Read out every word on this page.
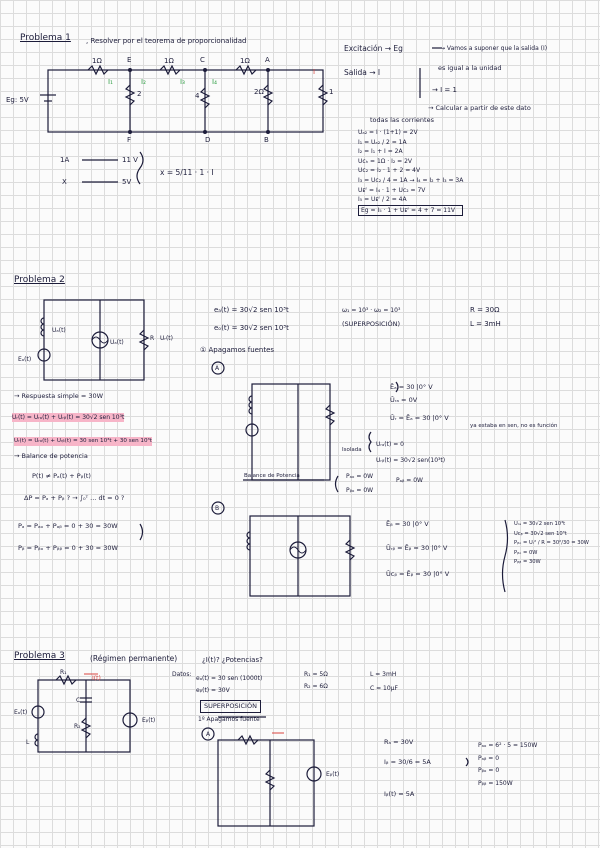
Problema 1 , Resolver por el teorema de proporcionalidad
Eg: 5V
E	C	A
F	D	B
I₁	I₂	I₃	I₄
I
1Ω	1Ω	1Ω
2	4	2Ω	1
Excitación → Eg
Salida → I
→ Vamos a suponer que la salida (I)
es igual a la unidad
→ I = 1
→ Calcular a partir de este dato
todas las corrientes
1A	11 V
X	5V
x = 5/11 · 1 · I
Uₐ₂ = I · (1+1) = 2V
I₁ = Uₐ₂ / 2 = 1A
I₂ = I₁ + I = 2A
Uᴄₕ = 1Ω · I₂ = 2V
Uᴄ₂ = I₂ · 1 + 2 = 4V
I₃ = Uᴄ₂ / 4 = 1A → I₄ = I₂ + I₃ = 3A
Uᴇᶠ = I₄ · 1 + Uᴄ₂ = 7V
I₅ = Uᴇᶠ / 2 = 4A
Eg = I₅ · 1 + Uᴇᶠ = 4 + 7 = 11V
Problema 2
Uₐ(t)
Uₐ(t)
Eₐ(t)
R Uᵣ(t)
eₐ(t) = 30√2 sen 10³t
eₒ(t) = 30√2 sen 10³t
ω₁ = 10³ · ω₂ = 10³
(SUPERPOSICIÓN)
R = 30Ω
L = 3mH
① Apagamos fuentes
A
B
→ Respuesta simple = 30W
Uᵣ(t) = Uᵣₐ(t) + Uᵣᵦ(t) = 30√2 sen 10³t
Uᵣ(t) = Uᵣₐ(t) + Uᵣᵦ(t) = 30 sen 10³t + 30 sen 10³t
→ Balance de potencia
P(t) ≠ Pₐ(t) + Pᵦ(t)
ΔP = Pₐ + Pᵦ ? → ∫₀ᵀ ... dt = 0 ?
Pₐ = Pₐₒ + Pₐᵦ = 0 + 30 = 30W
Pᵦ = Pᵦₒ + Pᵦᵦ = 0 + 30 = 30W
Ēₐ = 30 |0° V
Ūᵣₐ = 0V
Ūᵣ = Ēₐ = 30 |0° V
ya estaba en sen, no es función
Uᵣₐ(t) = 0
Uᵣᵦ(t) = 30√2 sen(10³t)
Isolada
Balance de Potencia	Pₐₒ = 0W
Pₐᵦ = 0W
Pᵦₒ = 0W
Ēᵦ = 30 |0° V
Ūᵣᵦ = Ēᵦ = 30 |0° V
Ūᴄᵦ = Ēᵦ = 30 |0° V
Uᵣₐ = 30√2 sen 10³t
Uᴄᵦ = 30√2 sen 10³t
Pᵦₒ = Uᵣ² / R = 30²/30 = 30W
Pᵦₒ = 0W
Pᵦᵦ = 30W
Problema 3	(Régimen permanente)	¿I(t)? ¿Potencias?
Datos:
eₐ(t) = 30 sen (1000t)
eᵦ(t) = 30V
R₁ = 5Ω
R₂ = 6Ω
L = 3mH
C = 10µF
SUPERPOSICIÓN
1º Apagamos fuente
A
Eₐ(t)
Eᵦ(t)
R₁
R₂
C
L
I(t)
Eᵦ(t)
Rₐ = 30V
Iᵦ = 30/6 = 5A
Iᵦ(t) = 5A
Pₐₒ = 6² · 5 = 150W
Pₐᵦ = 0
Pᵦₒ = 0
Pᵦᵦ = 150W
